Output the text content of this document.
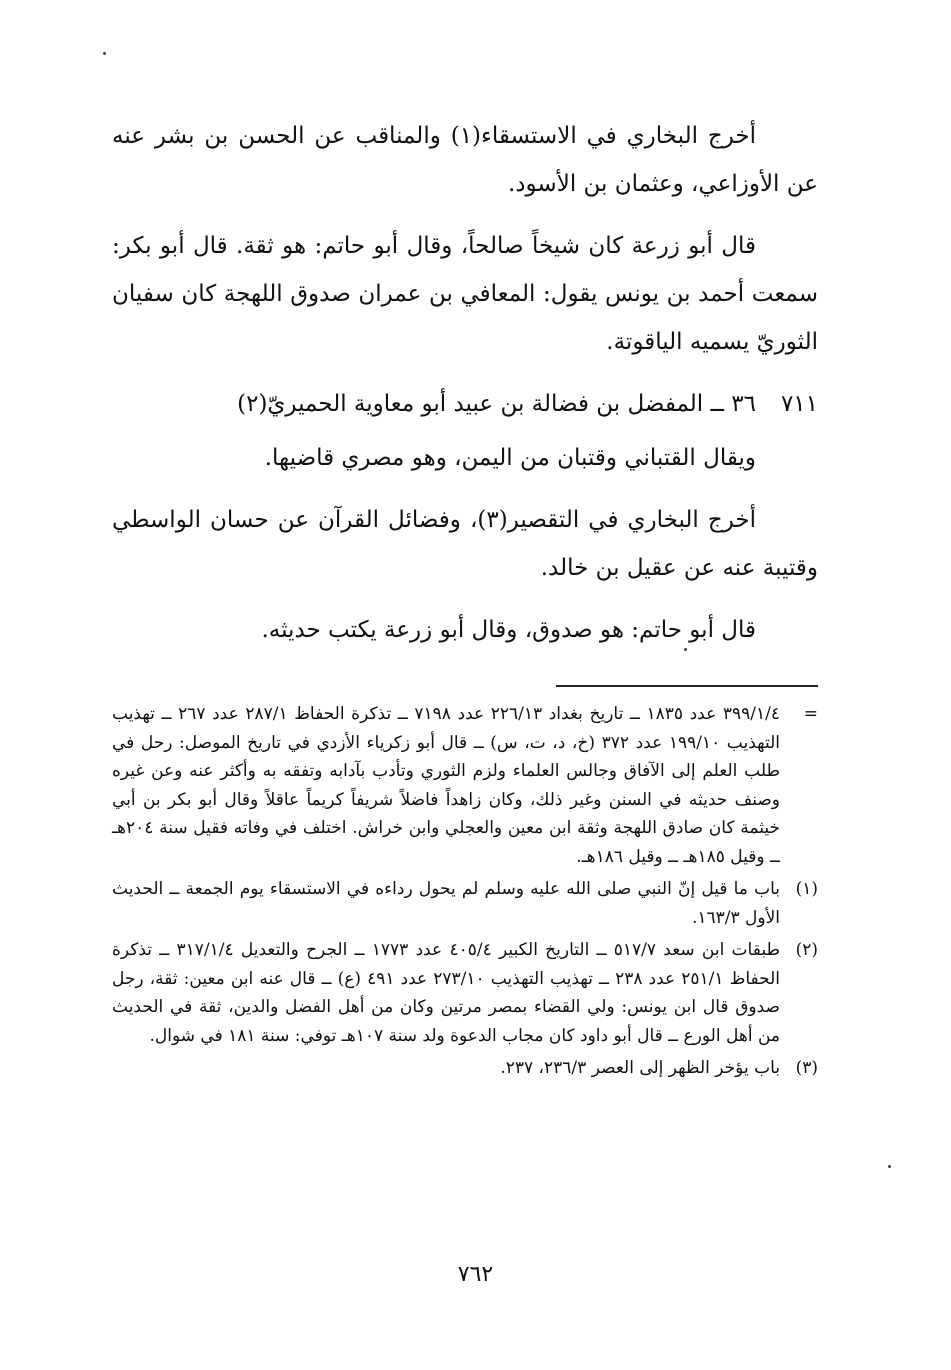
أخرج البخاري في الاستسقاء(١) والمناقب عن الحسن بن بشر عنه عن الأوزاعي، وعثمان بن الأسود.

قال أبو زرعة كان شيخاً صالحاً، وقال أبو حاتم: هو ثقة. قال أبو بكر: سمعت أحمد بن يونس يقول: المعافي بن عمران صدوق اللهجة كان سفيان الثوريّ يسميه الياقوتة.

٧١١
٣٦ ــ المفضل بن فضالة بن عبيد أبو معاوية الحميريّ(٢)

ويقال القتباني وقتبان من اليمن، وهو مصري قاضيها.

أخرج البخاري في التقصير(٣)، وفضائل القرآن عن حسان الواسطي وقتيبة عنه عن عقيل بن خالد.

قال أبو حاتم: هو صدوق، وقال أبو زرعة يكتب حديثه.

=
٣٩٩/١/٤ عدد ١٨٣٥ ــ تاريخ بغداد ٢٢٦/١٣ عدد ٧١٩٨ ــ تذكرة الحفاظ ٢٨٧/١ عدد ٢٦٧ ــ تهذيب التهذيب ١٩٩/١٠ عدد ٣٧٢ (خ، د، ت، س) ــ قال أبو زكرياء الأزدي في تاريخ الموصل: رحل في طلب العلم إلى الآفاق وجالس العلماء ولزم الثوري وتأدب بآدابه وتفقه به وأكثر عنه وعن غيره وصنف حديثه في السنن وغير ذلك، وكان زاهداً فاضلاً شريفاً كريماً عاقلاً وقال أبو بكر بن أبي خيثمة كان صادق اللهجة وثقة ابن معين والعجلي وابن خراش. اختلف في وفاته فقيل سنة ٢٠٤هـ ــ وقيل ١٨٥هـ ــ وقيل ١٨٦هـ.
(١)
باب ما قيل إنّ النبي صلى الله عليه وسلم لم يحول رداءه في الاستسقاء يوم الجمعة ــ الحديث الأول ١٦٣/٣.
(٢)
طبقات ابن سعد ٥١٧/٧ ــ التاريخ الكبير ٤٠٥/٤ عدد ١٧٧٣ ــ الجرح والتعديل ٣١٧/١/٤ ــ تذكرة الحفاظ ٢٥١/١ عدد ٢٣٨ ــ تهذيب التهذيب ٢٧٣/١٠ عدد ٤٩١ (ع) ــ قال عنه ابن معين: ثقة، رجل صدوق قال ابن يونس: ولي القضاء بمصر مرتين وكان من أهل الفضل والدين، ثقة في الحديث من أهل الورع ــ قال أبو داود كان مجاب الدعوة ولد سنة ١٠٧هـ توفي: سنة ١٨١ في شوال.
(٣)
باب يؤخر الظهر إلى العصر ٢٣٦/٣، ٢٣٧.
٧٦٢
